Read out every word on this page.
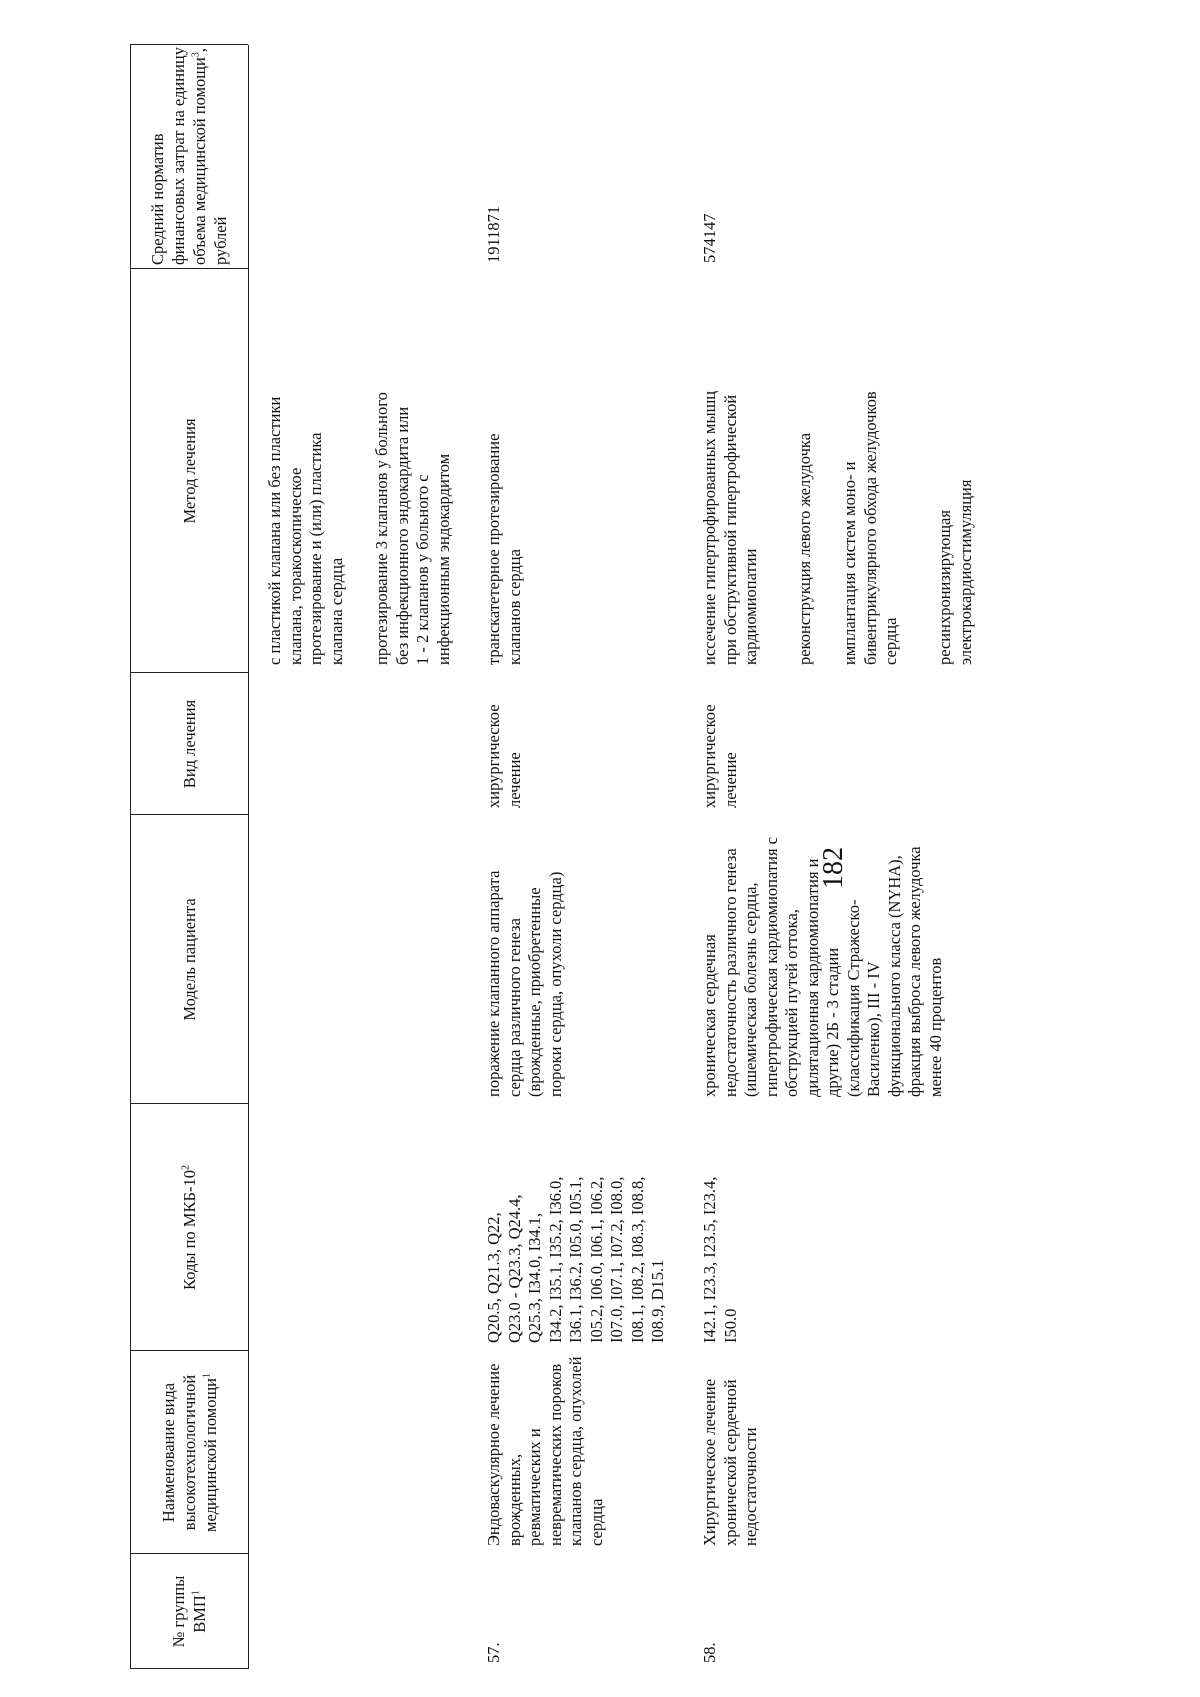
182
№ группы ВМП$^1$
Наименование вида высокотехнологичной медицинской помощи$^1$
Коды по МКБ-$10^2$
Модель пациента
Вид лечения
Метод лечения
Средний норматив финансовых затрат на единицу объема медицинской помощи$^3$, рублей
с пластикой клапана или без пластики
клапана, торакоскопическое
протезирование и (или) пластика
клапана сердца протезирование 3 клапанов у больного
без инфекционного эндокардита или
1 - 2 клапанов у больного с
инфекционным эндокардитом
57.
Эндоваскулярное лечение
врожденных, ревматических и
неврематических пороков
клапанов сердца, опухолей
сердца
Q20.5, Q21.3, Q22,
Q23.0 - Q23.3, Q24.4,
Q25.3, I34.0, I34.1,
I34.2, I35.1, I35.2, I36.0,
I36.1, I36.2, I05.0, I05.1,
I05.2, I06.0, I06.1, I06.2,
I07.0, I07.1, I07.2, I08.0,
I08.1, I08.2, I08.3, I08.8,
I08.9, D15.1
поражение клапанного аппарата
сердца различного генеза
(врожденные, приобретенные
пороки сердца, опухоли сердца)
хирургическое
лечение
транскатетерное протезирование
клапанов сердца
1911871
58.
Хирургическое лечение
хронической сердечной
недостаточности
I42.1, I23.3, I23.5, I23.4,
I50.0
хроническая сердечная
недостаточность различного генеза
(ишемическая болезнь сердца,
гипертрофическая кардиомиопатия с
обструкцией путей оттока,
дилятационная кардиомиопатия и
другие) 2Б - 3 стадии
(классификация Стражеско-
Василенко), III - IV
функционального класса (NYHA),
фракция выброса левого желудочка
менее 40 процентов
хирургическое
лечение
иссечение гипертрофированных мышц
при обструктивной гипертрофической
кардиомиопатии реконструкция левого желудочка имплантация систем моно- и
бивентрикулярного обхода желудочков
сердца ресинхронизирующая
электрокардиостимуляция
574147
